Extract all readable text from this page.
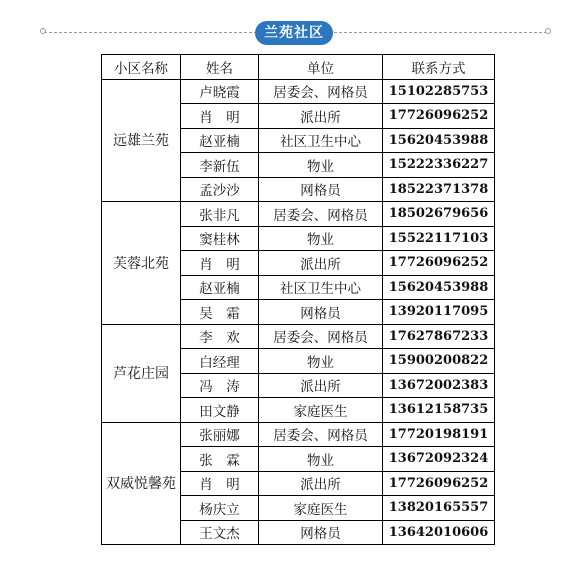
兰苑社区
小区名称	姓名	单位	联系方式
远雄兰苑	卢晓霞	居委会、网格员	15102285753
	肖　明	派出所	17726096252
	赵亚楠	社区卫生中心	15620453988
	李新伍	物业	15222336227
	孟沙沙	网格员	18522371378
芙蓉北苑	张非凡	居委会、网格员	18502679656
	窦桂林	物业	15522117103
	肖　明	派出所	17726096252
	赵亚楠	社区卫生中心	15620453988
	吴　霜	网格员	13920117095
芦花庄园	李　欢	居委会、网格员	17627867233
	白经理	物业	15900200822
	冯　涛	派出所	13672002383
	田文静	家庭医生	13612158735
双威悦馨苑	张丽娜	居委会、网格员	17720198191
	张　霖	物业	13672092324
	肖　明	派出所	17726096252
	杨庆立	家庭医生	13820165557
	王文杰	网格员	13642010606
